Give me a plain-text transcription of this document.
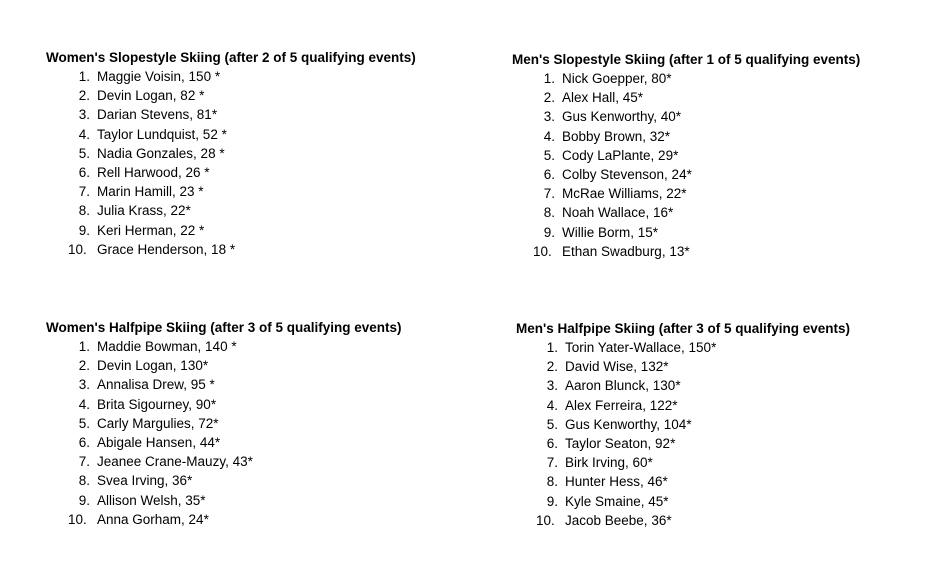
Women's Slopestyle Skiing (after 2 of 5 qualifying events)
1. Maggie Voisin, 150 *
2. Devin Logan, 82 *
3. Darian Stevens, 81*
4. Taylor Lundquist, 52 *
5. Nadia Gonzales, 28 *
6. Rell Harwood, 26 *
7. Marin Hamill, 23 *
8. Julia Krass, 22*
9. Keri Herman, 22 *
10. Grace Henderson, 18 *
Men's Slopestyle Skiing (after 1 of 5 qualifying events)
1. Nick Goepper, 80*
2. Alex Hall, 45*
3. Gus Kenworthy, 40*
4. Bobby Brown, 32*
5. Cody LaPlante, 29*
6. Colby Stevenson, 24*
7. McRae Williams, 22*
8. Noah Wallace, 16*
9. Willie Borm, 15*
10. Ethan Swadburg, 13*
Women's Halfpipe Skiing (after 3 of 5 qualifying events)
1. Maddie Bowman, 140 *
2. Devin Logan, 130*
3. Annalisa Drew, 95 *
4. Brita Sigourney, 90*
5. Carly Margulies, 72*
6. Abigale Hansen, 44*
7. Jeanee Crane-Mauzy, 43*
8. Svea Irving, 36*
9. Allison Welsh, 35*
10. Anna Gorham, 24*
Men's Halfpipe Skiing (after 3 of 5 qualifying events)
1. Torin Yater-Wallace, 150*
2. David Wise, 132*
3. Aaron Blunck, 130*
4. Alex Ferreira, 122*
5. Gus Kenworthy, 104*
6. Taylor Seaton, 92*
7. Birk Irving, 60*
8. Hunter Hess, 46*
9. Kyle Smaine, 45*
10. Jacob Beebe, 36*
